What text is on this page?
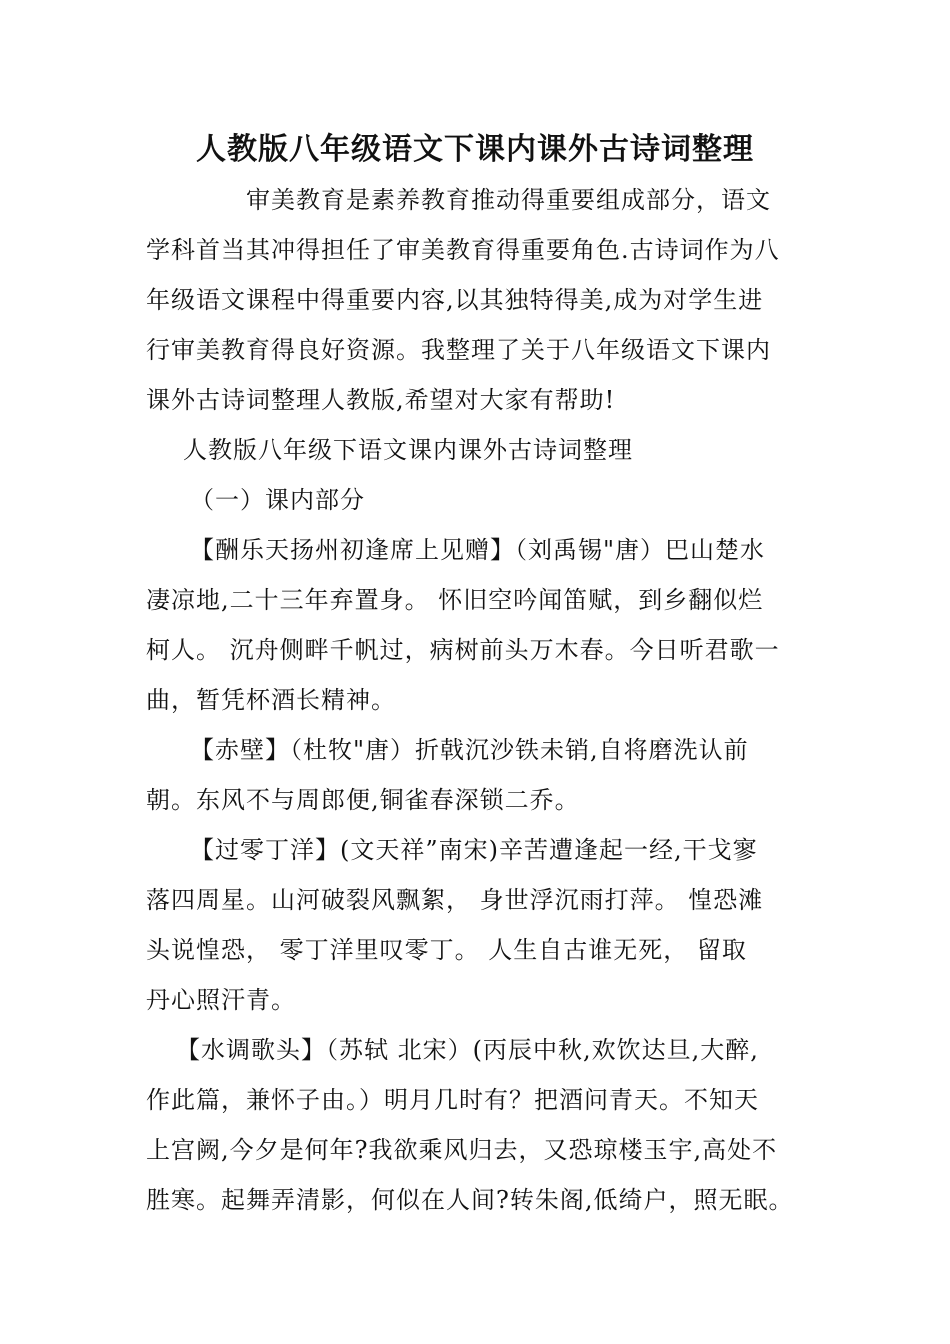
人教版八年级语文下课内课外古诗词整理
审美教育是素养教育推动得重要组成部分，语文
学科首当其冲得担任了审美教育得重要角色.古诗词作为八
年级语文课程中得重要内容,以其独特得美,成为对学生进
行审美教育得良好资源。我整理了关于八年级语文下课内
课外古诗词整理人教版,希望对大家有帮助!
人教版八年级下语文课内课外古诗词整理
（一）课内部分
【酬乐天扬州初逢席上见赠】（刘禹锡"唐）巴山楚水
凄凉地,二十三年弃置身。 怀旧空吟闻笛赋，到乡翻似烂
柯人。 沉舟侧畔千帆过，病树前头万木春。今日听君歌一
曲，暂凭杯酒长精神。
【赤壁】（杜牧"唐）折戟沉沙铁未销,自将磨洗认前
朝。东风不与周郎便,铜雀春深锁二乔。
【过零丁洋】(文天祥”南宋)辛苦遭逢起一经,干戈寥
落四周星。山河破裂风飘絮， 身世浮沉雨打萍。 惶恐滩
头说惶恐， 零丁洋里叹零丁。 人生自古谁无死， 留取
丹心照汗青。
【水调歌头】（苏轼 北宋）(丙辰中秋,欢饮达旦,大醉,
作此篇，兼怀子由。）明月几时有？把酒问青天。不知天
上宫阙,今夕是何年?我欲乘风归去，又恐琼楼玉宇,高处不
胜寒。起舞弄清影，何似在人间?转朱阁,低绮户，照无眠。
